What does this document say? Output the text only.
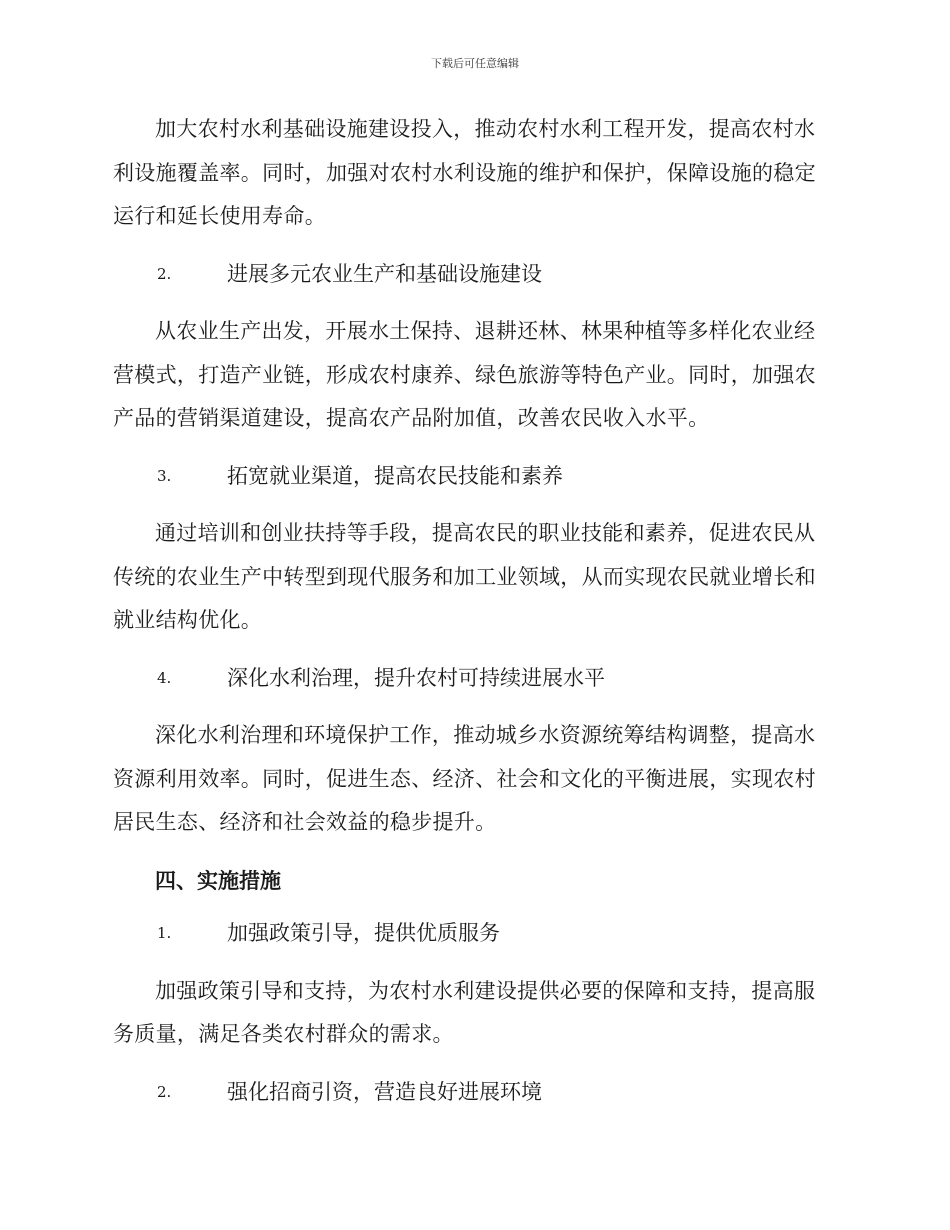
下载后可任意编辑

加大农村水利基础设施建设投入，推动农村水利工程开发，提高农村水利设施覆盖率。同时，加强对农村水利设施的维护和保护，保障设施的稳定运行和延长使用寿命。

2.	进展多元农业生产和基础设施建设

从农业生产出发，开展水土保持、退耕还林、林果种植等多样化农业经营模式，打造产业链，形成农村康养、绿色旅游等特色产业。同时，加强农产品的营销渠道建设，提高农产品附加值，改善农民收入水平。

3.	拓宽就业渠道，提高农民技能和素养

通过培训和创业扶持等手段，提高农民的职业技能和素养，促进农民从传统的农业生产中转型到现代服务和加工业领域，从而实现农民就业增长和就业结构优化。

4.	深化水利治理，提升农村可持续进展水平

深化水利治理和环境保护工作，推动城乡水资源统筹结构调整，提高水资源利用效率。同时，促进生态、经济、社会和文化的平衡进展，实现农村居民生态、经济和社会效益的稳步提升。

四、实施措施

1.	加强政策引导，提供优质服务

加强政策引导和支持，为农村水利建设提供必要的保障和支持，提高服务质量，满足各类农村群众的需求。

2.	强化招商引资，营造良好进展环境
